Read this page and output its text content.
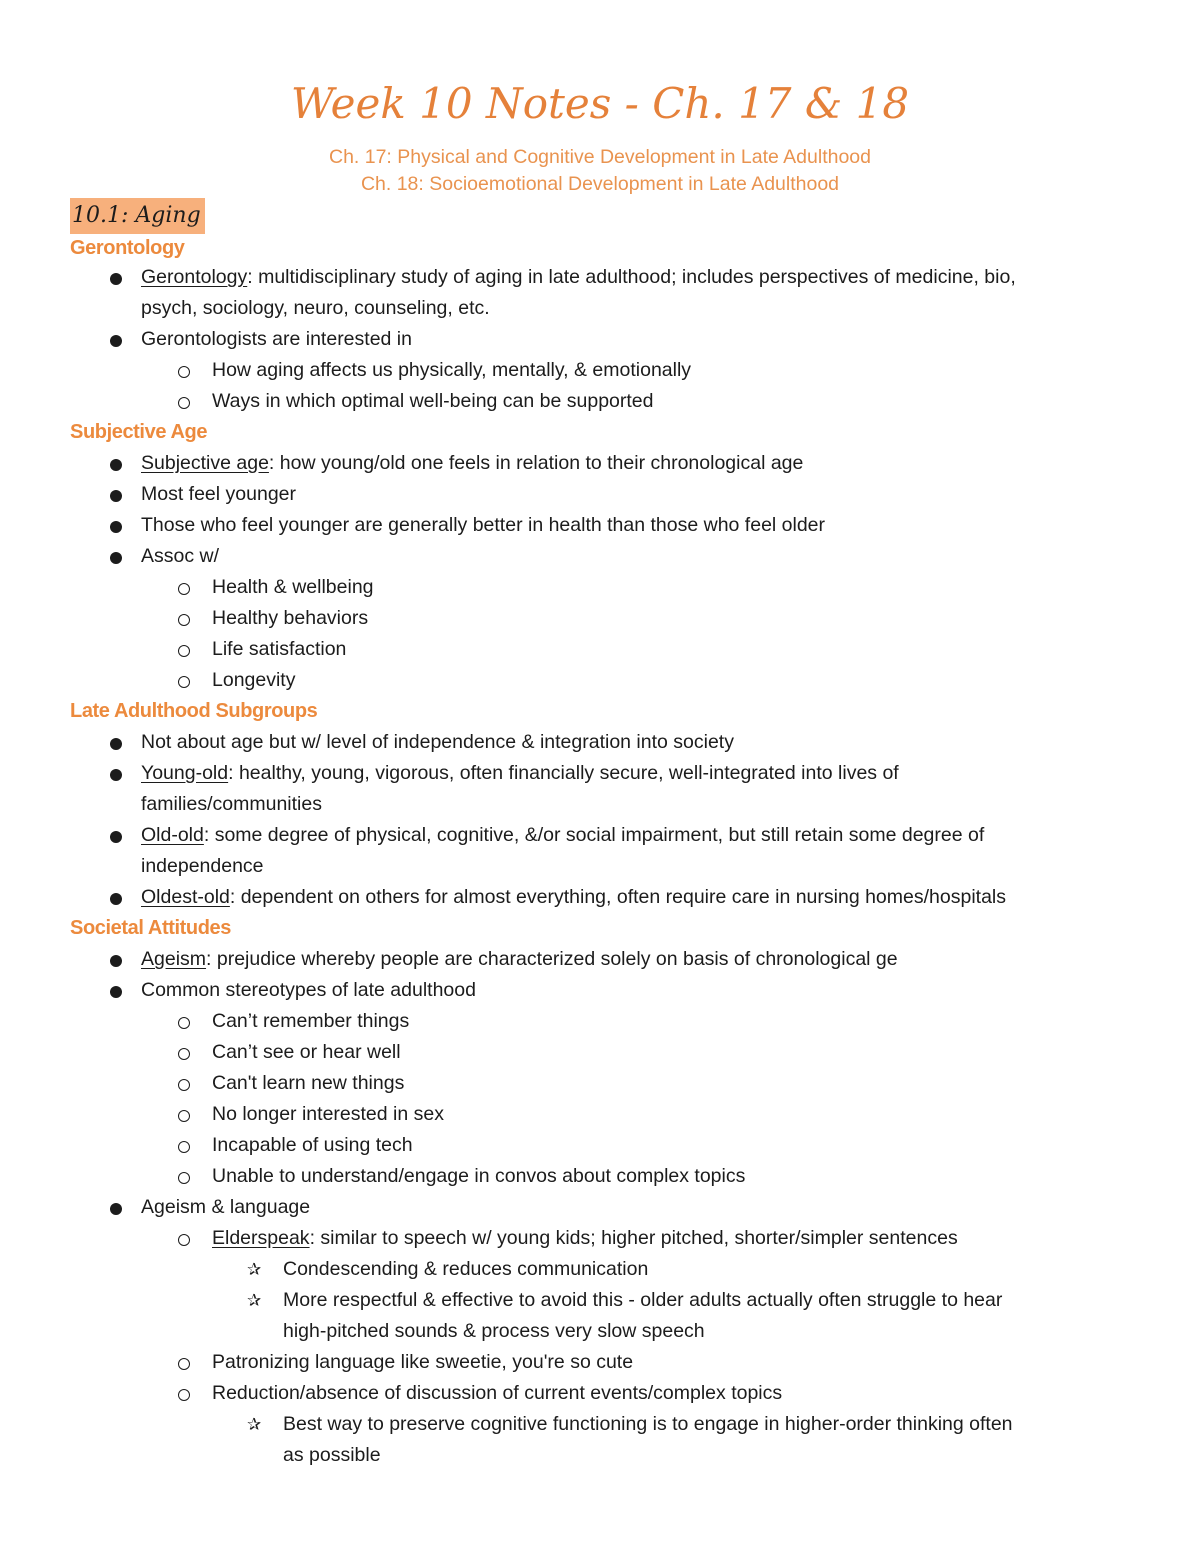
Week 10 Notes - Ch. 17 & 18

Ch. 17: Physical and Cognitive Development in Late Adulthood

Ch. 18: Socioemotional Development in Late Adulthood

10.1: Aging
Gerontology
Gerontology: multidisciplinary study of aging in late adulthood; includes perspectives of medicine, bio,
psych, sociology, neuro, counseling, etc.
Gerontologists are interested in
How aging affects us physically, mentally, & emotionally
Ways in which optimal well-being can be supported
Subjective Age
Subjective age: how young/old one feels in relation to their chronological age
Most feel younger
Those who feel younger are generally better in health than those who feel older
Assoc w/
Health & wellbeing
Healthy behaviors
Life satisfaction
Longevity
Late Adulthood Subgroups
Not about age but w/ level of independence & integration into society
Young-old: healthy, young, vigorous, often financially secure, well-integrated into lives of
families/communities
Old-old: some degree of physical, cognitive, &/or social impairment, but still retain some degree of
independence
Oldest-old: dependent on others for almost everything, often require care in nursing homes/hospitals
Societal Attitudes
Ageism: prejudice whereby people are characterized solely on basis of chronological ge
Common stereotypes of late adulthood
Can’t remember things
Can’t see or hear well
Can't learn new things
No longer interested in sex
Incapable of using tech
Unable to understand/engage in convos about complex topics
Ageism & language
Elderspeak: similar to speech w/ young kids; higher pitched, shorter/simpler sentences
✰ Condescending & reduces communication
✰ More respectful & effective to avoid this - older adults actually often struggle to hear
high-pitched sounds & process very slow speech
Patronizing language like sweetie, you're so cute
Reduction/absence of discussion of current events/complex topics
✰ Best way to preserve cognitive functioning is to engage in higher-order thinking often
as possible
